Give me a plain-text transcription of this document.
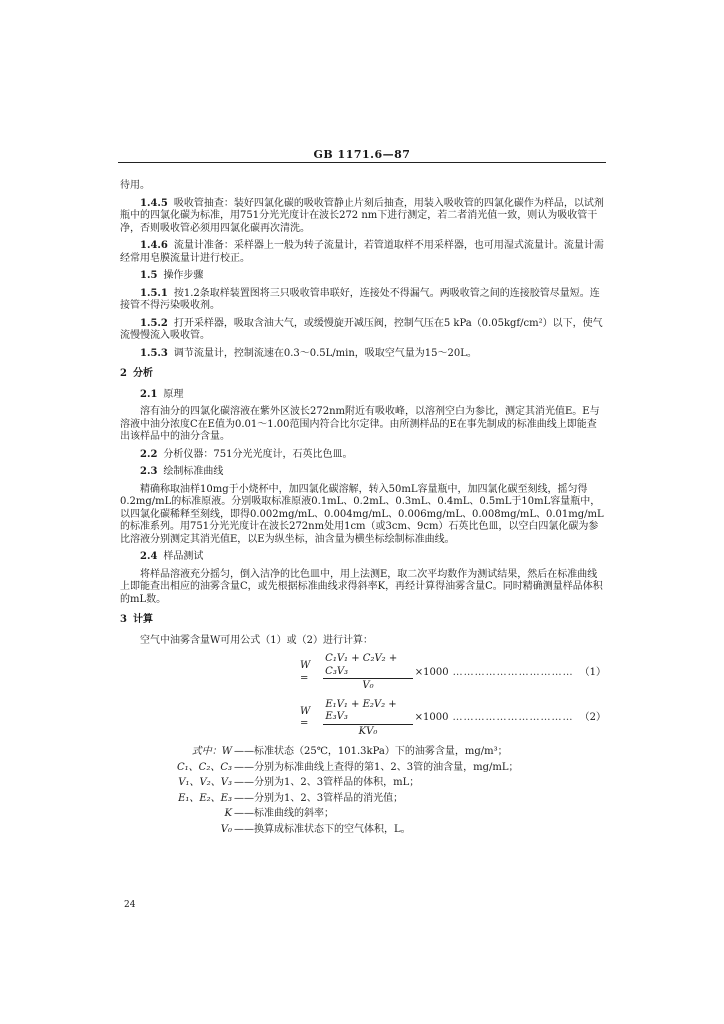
GB 1171.6—87

待用。

1.4.5 吸收管抽查：装好四氯化碳的吸收管静止片刻后抽查，用装入吸收管的四氯化碳作为样品，以试剂瓶中的四氯化碳为标准，用751分光光度计在波长272 nm下进行测定，若二者消光值一致，则认为吸收管干净，否则吸收管必须用四氯化碳再次清洗。

1.4.6 流量计准备：采样器上一般为转子流量计，若管道取样不用采样器，也可用湿式流量计。流量计需经常用皂膜流量计进行校正。

1.5 操作步骤

1.5.1 按1.2条取样装置图将三只吸收管串联好，连接处不得漏气。两吸收管之间的连接胶管尽量短。连接管不得污染吸收剂。

1.5.2 打开采样器，吸取含油大气，或缓慢旋开减压阀，控制气压在5 kPa（0.05kgf/cm²）以下，使气流慢慢流入吸收管。

1.5.3 调节流量计，控制流速在0.3～0.5L/min，吸取空气量为15～20L。

2 分析

2.1 原理

溶有油分的四氯化碳溶液在紫外区波长272nm附近有吸收峰，以溶剂空白为参比，测定其消光值E。E与溶液中油分浓度C在E值为0.01～1.00范围内符合比尔定律。由所测样品的E在事先制成的标准曲线上即能查出该样品中的油分含量。

2.2 分析仪器：751分光光度计，石英比色皿。

2.3 绘制标准曲线

精确称取油样10mg于小烧杯中，加四氯化碳溶解，转入50mL容量瓶中，加四氯化碳至刻线，摇匀得0.2mg/mL的标准原液。分别吸取标准原液0.1mL、0.2mL、0.3mL、0.4mL、0.5mL于10mL容量瓶中，以四氯化碳稀释至刻线，即得0.002mg/mL、0.004mg/mL、0.006mg/mL、0.008mg/mL、0.01mg/mL的标准系列。用751分光光度计在波长272nm处用1cm（或3cm、9cm）石英比色皿，以空白四氯化碳为参比溶液分别测定其消光值E，以E为纵坐标，油含量为横坐标绘制标准曲线。

2.4 样品测试

将样品溶液充分摇匀，倒入洁净的比色皿中，用上法测E，取二次平均数作为测试结果，然后在标准曲线上即能查出相应的油雾含量C，或先根据标准曲线求得斜率K，再经计算得油雾含量C。同时精确测量样品体积的mL数。

3 计算

空气中油雾含量W可用公式（1）或（2）进行计算：

W =	$\frac{\text{C₁V₁ + C₂V₂ + C₃V₃}}{\text{V₀}} \times 1000$ …………………………… （1）
W =	$\frac{\text{E₁V₁ + E₂V₂ + E₃V₃}}{\text{KV₀}} \times 1000$ …………………………… （2）
式中：W ——标准状态（25℃，101.3kPa）下的油雾含量，mg/m³；
C₁、C₂、C₃ ——分别为标准曲线上查得的第1、2、3管的油含量，mg/mL；
V₁、V₂、V₃ ——分别为1、2、3管样品的体积，mL；
E₁、E₂、E₃ ——分别为1、2、3管样品的消光值；
K ——标准曲线的斜率；
V₀ ——换算成标准状态下的空气体积，L。
24
